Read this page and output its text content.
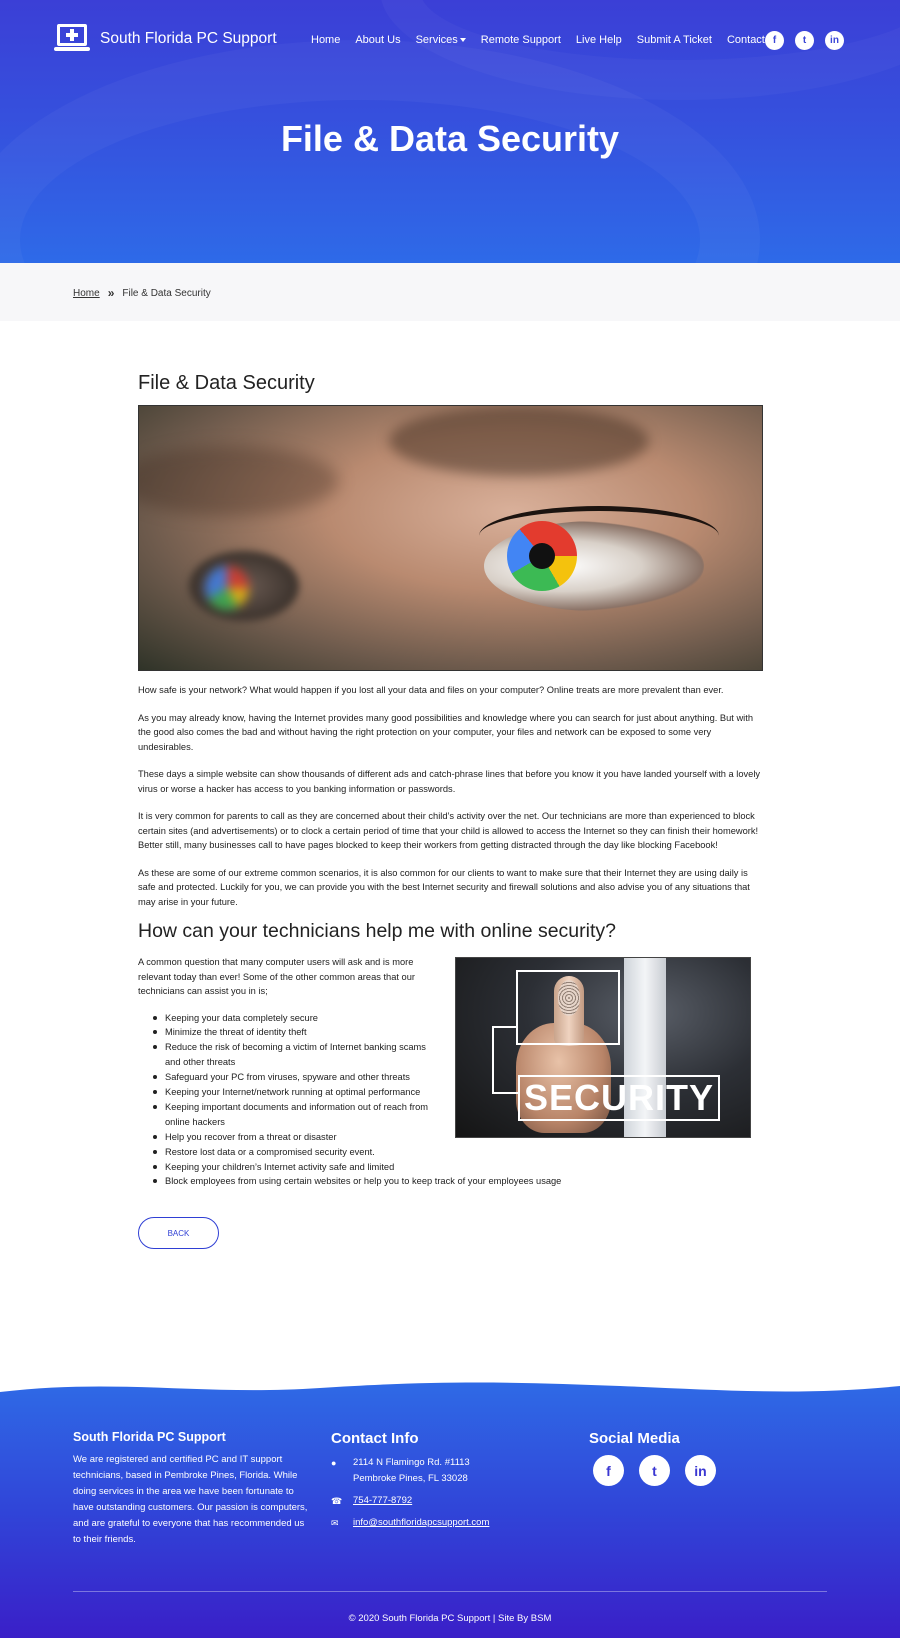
South Florida PC Support	Home About Us Services	Remote Support Live Help Submit A Ticket Contact f	t	in
File & Data Security
Home » File & Data Security
File & Data Security

How safe is your network? What would happen if you lost all your data and files on your computer? Online treats are more prevalent than ever.

As you may already know, having the Internet provides many good possibilities and knowledge where you can search for just about anything. But with the good also comes the bad and without having the right protection on your computer, your files and network can be exposed to some very undesirables.

These days a simple website can show thousands of different ads and catch-phrase lines that before you know it you have landed yourself with a lovely virus or worse a hacker has access to you banking information or passwords.

It is very common for parents to call as they are concerned about their child’s activity over the net. Our technicians are more than experienced to block certain sites (and advertisements) or to clock a certain period of time that your child is allowed to access the Internet so they can finish their homework! Better still, many businesses call to have pages blocked to keep their workers from getting distracted through the day like blocking Facebook!

As these are some of our extreme common scenarios, it is also common for our clients to want to make sure that their Internet they are using daily is safe and protected. Luckily for you, we can provide you with the best Internet security and firewall solutions and also advise you of any situations that may arise in your future.

How can your technicians help me with online security?

A common question that many computer users will ask and is more relevant today than ever! Some of the other common areas that our technicians can assist you in is;

SECURITY
Keeping your data completely secure
Minimize the threat of identity theft
Reduce the risk of becoming a victim of Internet banking scams and other threats
Safeguard your PC from viruses, spyware and other threats
Keeping your Internet/network running at optimal performance
Keeping important documents and information out of reach from online hackers
Help you recover from a threat or disaster
Restore lost data or a compromised security event.
Keeping your children’s Internet activity safe and limited
Block employees from using certain websites or help you to keep track of your employees usage
BACK
South Florida PC Support

We are registered and certified PC and IT support technicians, based in Pembroke Pines, Florida. While doing services in the area we have been fortunate to have outstanding customers. Our passion is computers, and are grateful to everyone that has recommended us to their friends.

Contact Info
●	2114 N Flamingo Rd. #1113
Pembroke Pines, FL 33028
☎	754-777-8792
✉	info@southfloridapcsupport.com
Social Media
f	t	in
© 2020 South Florida PC Support | Site By BSM
